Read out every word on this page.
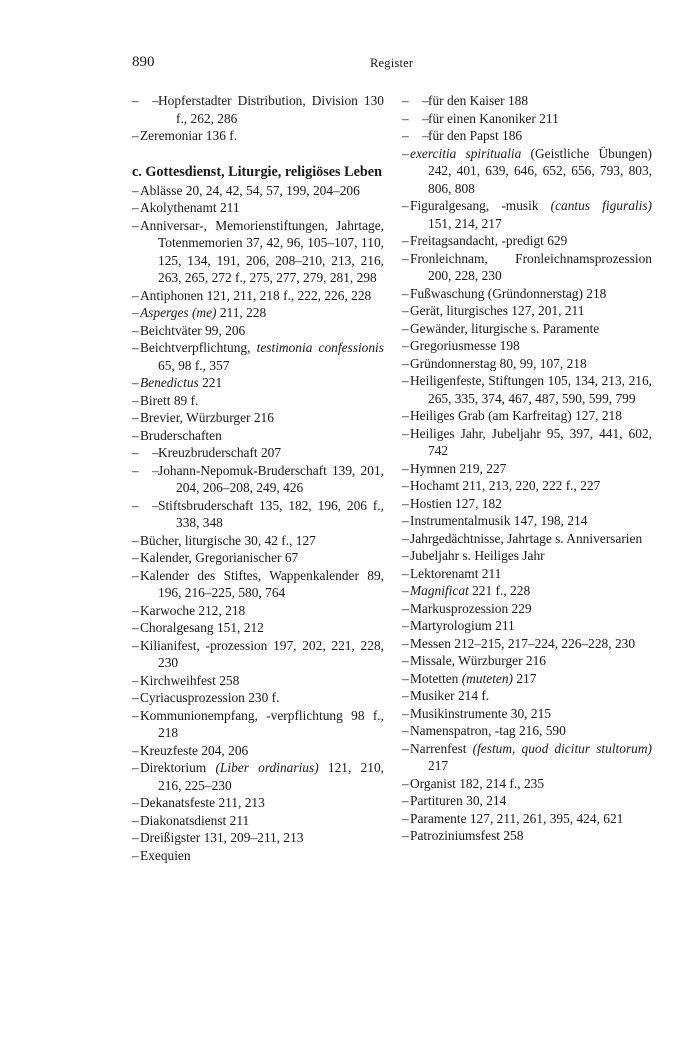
890	Register
– – Hopferstadter Distribution, Division 130 f., 262, 286
– Zeremoniar 136 f.
c. Gottesdienst, Liturgie, religiöses Leben
– Ablässe 20, 24, 42, 54, 57, 199, 204–206
– Akolythenamt 211
– Anniversar-, Memorienstiftungen, Jahrtage, Totenmemorien 37, 42, 96, 105–107, 110, 125, 134, 191, 206, 208–210, 213, 216, 263, 265, 272 f., 275, 277, 279, 281, 298
– Antiphonen 121, 211, 218 f., 222, 226, 228
– Asperges (me) 211, 228
– Beichtväter 99, 206
– Beichtverpflichtung, testimonia confessionis 65, 98 f., 357
– Benedictus 221
– Birett 89 f.
– Brevier, Würzburger 216
– Bruderschaften
– – Kreuzbruderschaft 207
– – Johann-Nepomuk-Bruderschaft 139, 201, 204, 206–208, 249, 426
– – Stiftsbruderschaft 135, 182, 196, 206 f., 338, 348
– Bücher, liturgische 30, 42 f., 127
– Kalender, Gregorianischer 67
– Kalender des Stiftes, Wappenkalender 89, 196, 216–225, 580, 764
– Karwoche 212, 218
– Choralgesang 151, 212
– Kilianifest, -prozession 197, 202, 221, 228, 230
– Kirchweihfest 258
– Cyriacusprozession 230 f.
– Kommunionempfang, -verpflichtung 98 f., 218
– Kreuzfeste 204, 206
– Direktorium (Liber ordinarius) 121, 210, 216, 225–230
– Dekanatsfeste 211, 213
– Diakonatsdienst 211
– Dreißigster 131, 209–211, 213
– Exequien
– – für den Kaiser 188
– – für einen Kanoniker 211
– – für den Papst 186
– exercitia spiritualia (Geistliche Übungen) 242, 401, 639, 646, 652, 656, 793, 803, 806, 808
– Figuralgesang, -musik (cantus figuralis) 151, 214, 217
– Freitagsandacht, -predigt 629
– Fronleichnam, Fronleichnamsprozession 200, 228, 230
– Fußwaschung (Gründonnerstag) 218
– Gerät, liturgisches 127, 201, 211
– Gewänder, liturgische s. Paramente
– Gregoriusmesse 198
– Gründonnerstag 80, 99, 107, 218
– Heiligenfeste, Stiftungen 105, 134, 213, 216, 265, 335, 374, 467, 487, 590, 599, 799
– Heiliges Grab (am Karfreitag) 127, 218
– Heiliges Jahr, Jubeljahr 95, 397, 441, 602, 742
– Hymnen 219, 227
– Hochamt 211, 213, 220, 222 f., 227
– Hostien 127, 182
– Instrumentalmusik 147, 198, 214
– Jahrgedächtnisse, Jahrtage s. Anniversarien
– Jubeljahr s. Heiliges Jahr
– Lektorenamt 211
– Magnificat 221 f., 228
– Markusprozession 229
– Martyrologium 211
– Messen 212–215, 217–224, 226–228, 230
– Missale, Würzburger 216
– Motetten (muteten) 217
– Musiker 214 f.
– Musikinstrumente 30, 215
– Namenspatron, -tag 216, 590
– Narrenfest (festum, quod dicitur stultorum) 217
– Organist 182, 214 f., 235
– Partituren 30, 214
– Paramente 127, 211, 261, 395, 424, 621
– Patroziniumsfest 258
